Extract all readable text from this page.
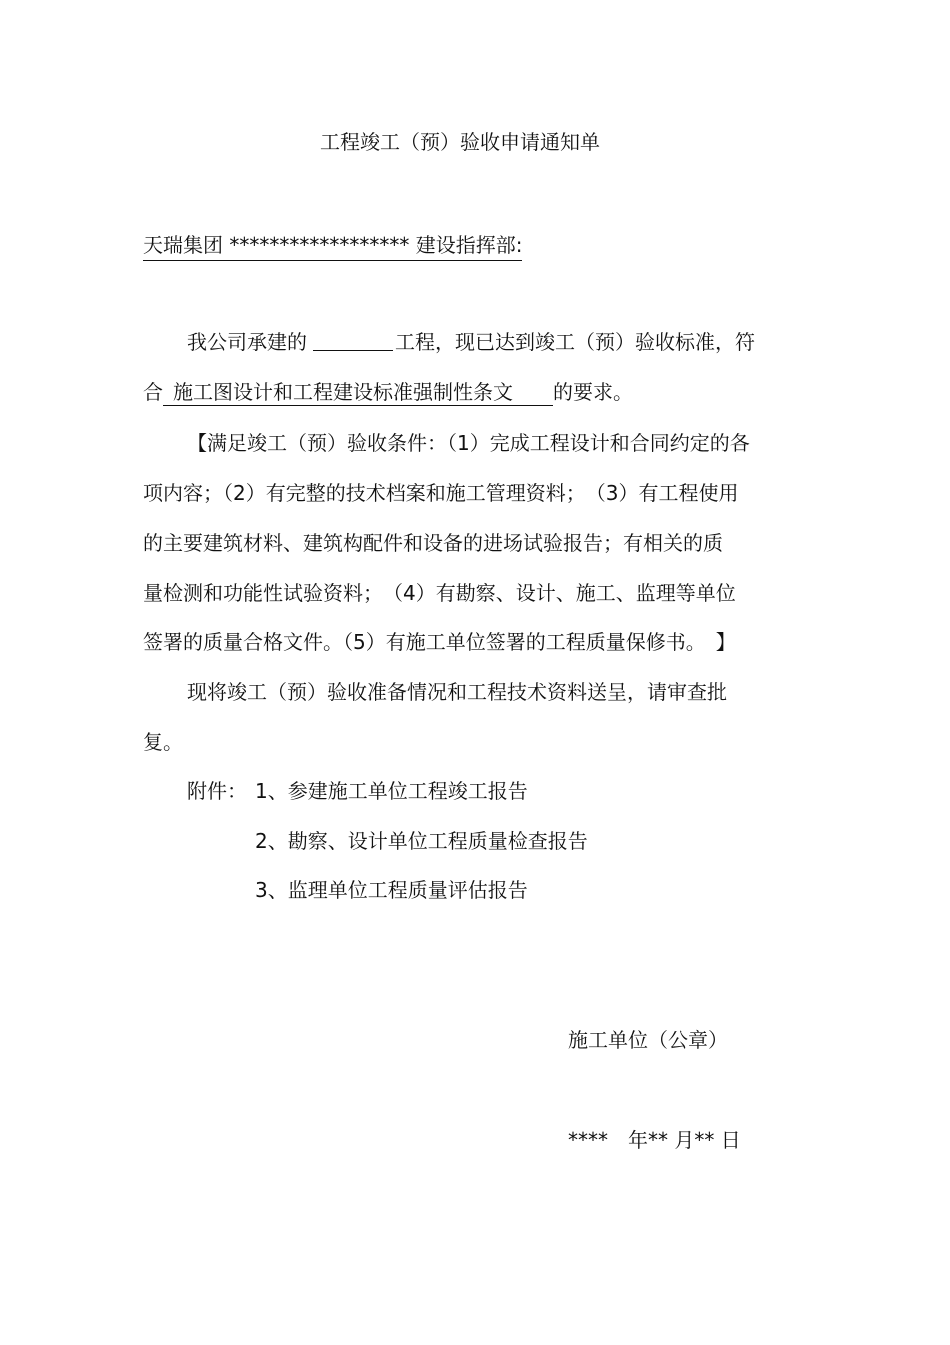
工程竣工（预）验收申请通知单
天瑞集团 ****************** 建设指挥部:
我公司承建的	工程，现已达到竣工（预）验收标准，符
合 施工图设计和工程建设标准强制性条文 的要求。
【满足竣工（预）验收条件：（1）完成工程设计和合同约定的各
项内容；（2）有完整的技术档案和施工管理资料；　（3）有工程使用
的主要建筑材料、建筑构配件和设备的进场试验报告；有相关的质
量检测和功能性试验资料；　（4）有勘察、设计、施工、监理等单位
签署的质量合格文件。（5）有施工单位签署的工程质量保修书。　】
现将竣工（预）验收准备情况和工程技术资料送呈，请审查批
复。
附件： 1、参建施工单位工程竣工报告
2、勘察、设计单位工程质量检查报告
3、监理单位工程质量评估报告
施工单位（公章）
****　年** 月** 日
